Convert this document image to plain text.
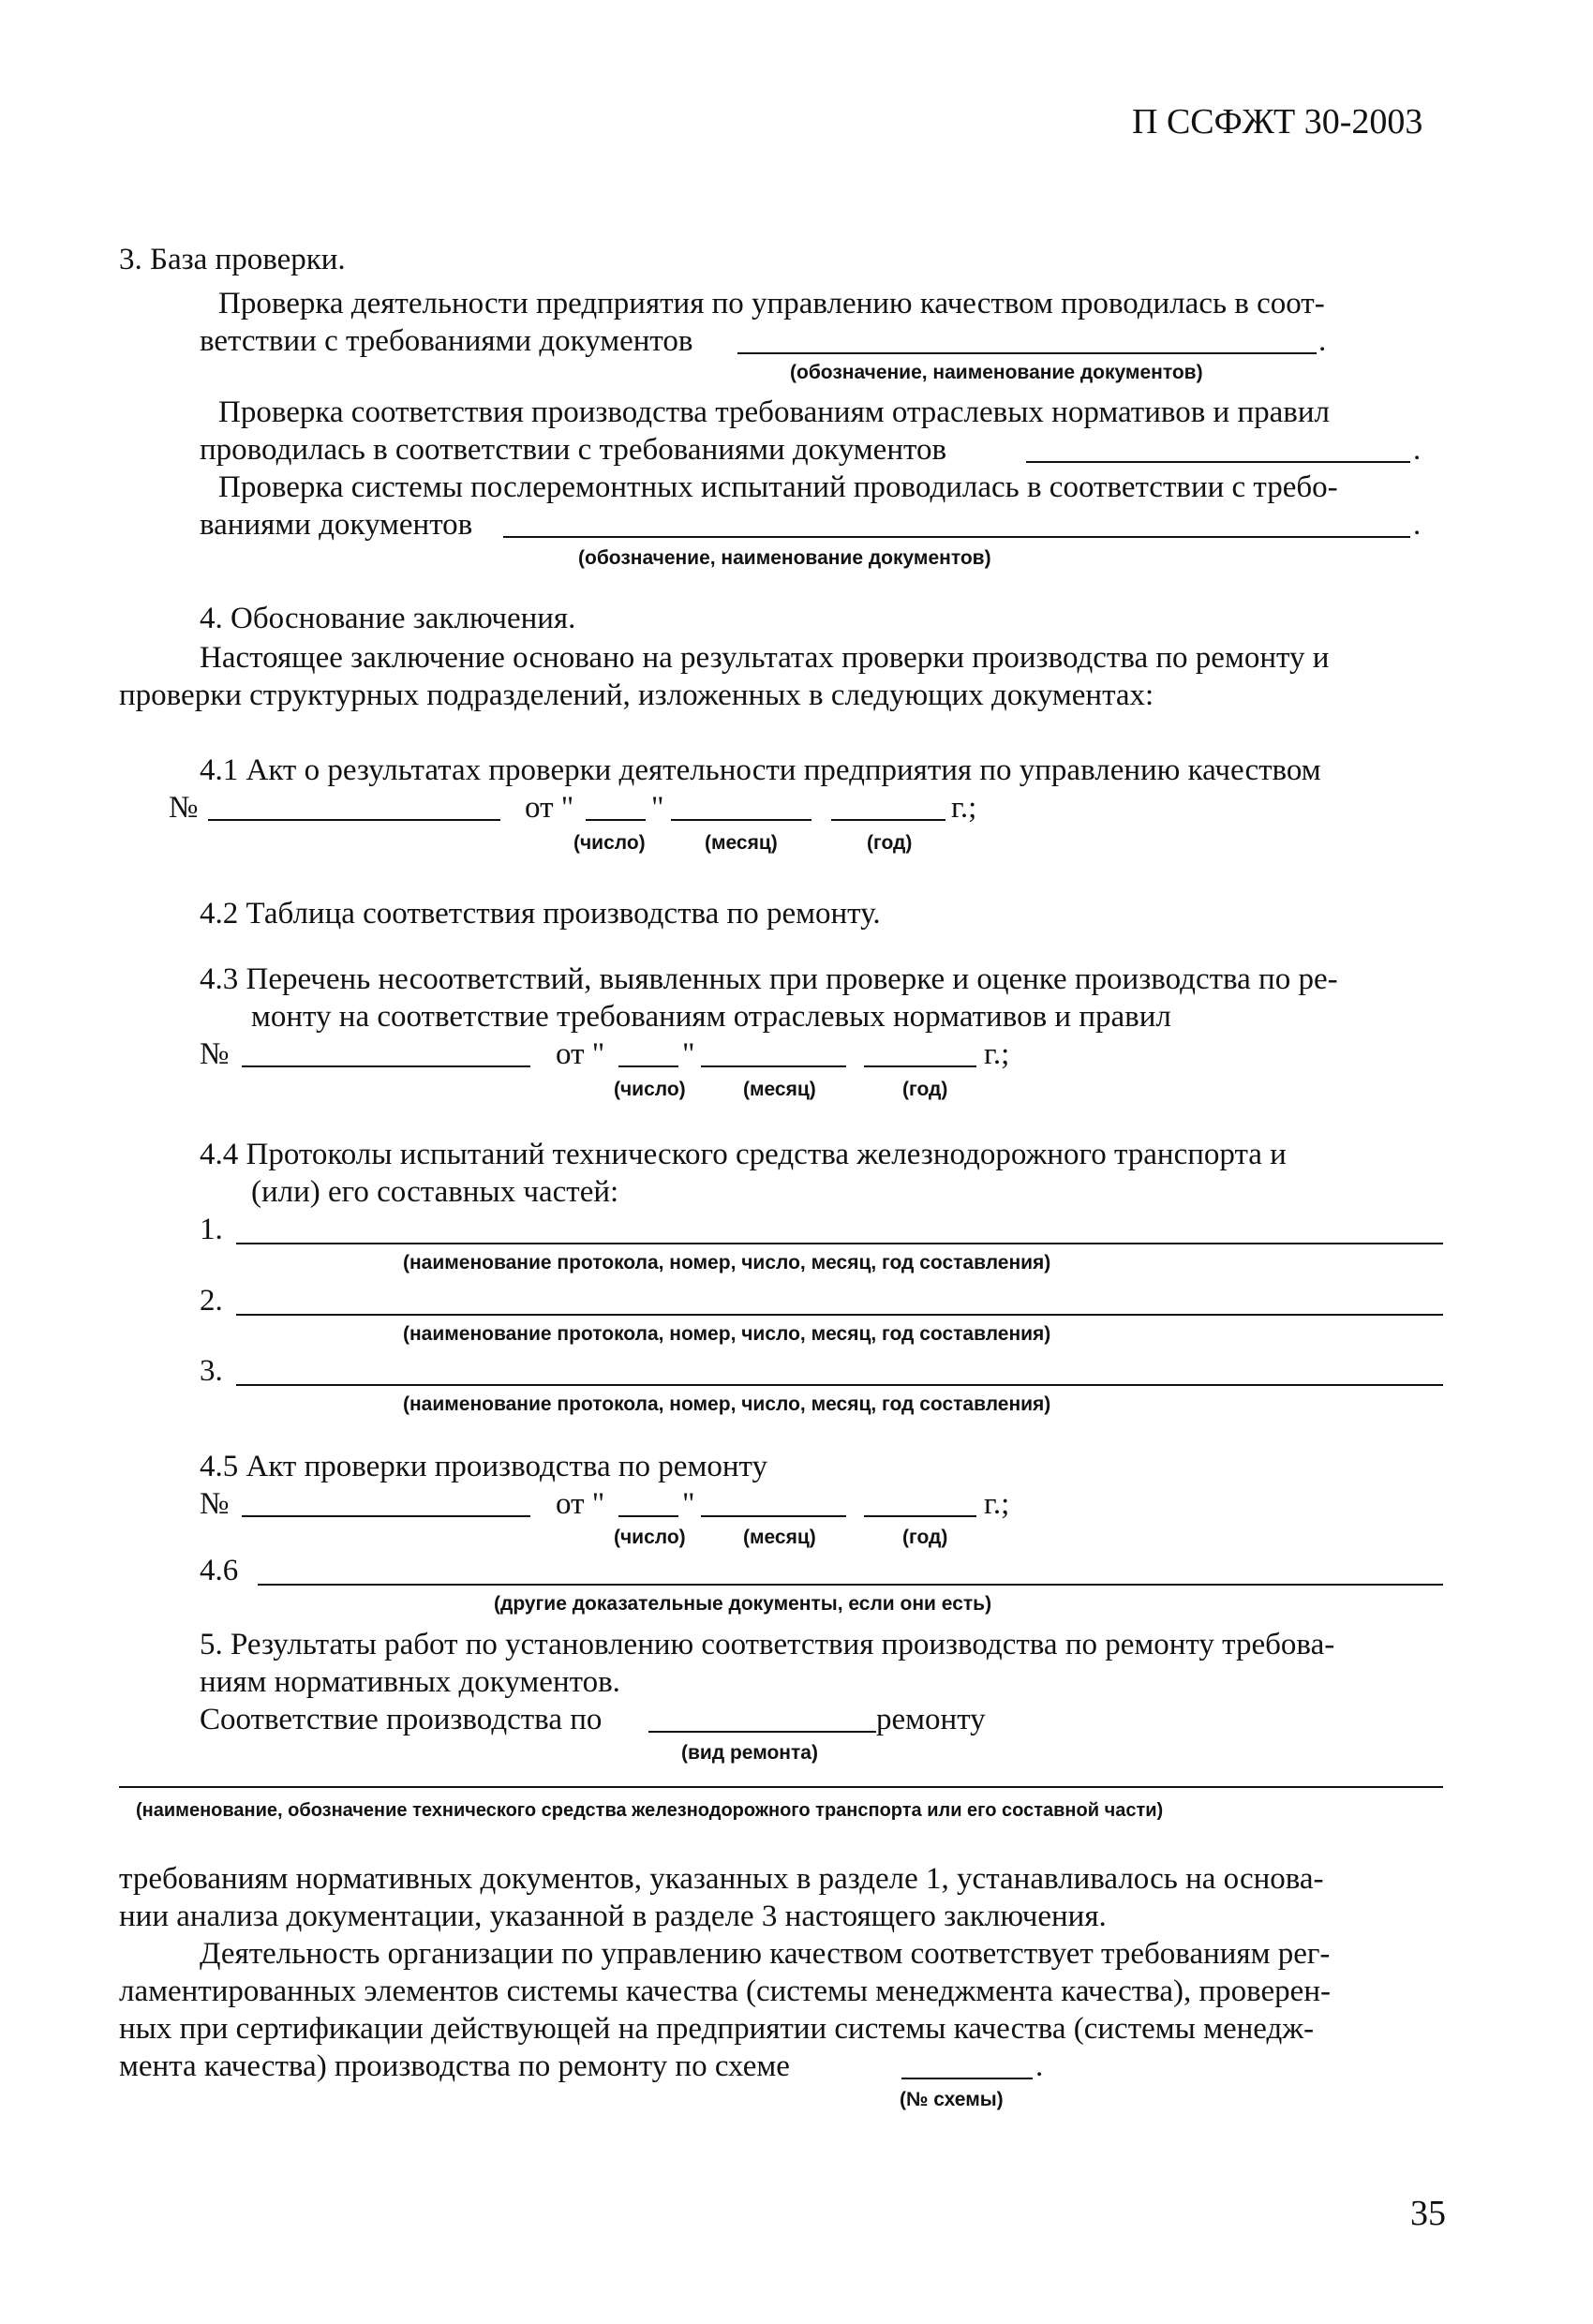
П ССФЖТ 30-2003
3. База проверки.
Проверка деятельности предприятия по управлению качеством проводилась в соот-
ветствии с требованиями документов	.
(обозначение, наименование документов)
Проверка соответствия производства требованиям отраслевых нормативов и правил
проводилась в соответствии с требованиями документов	.
Проверка системы послеремонтных испытаний проводилась в соответствии с требо-
ваниями документов	.
(обозначение, наименование документов)
4. Обоснование заключения.
Настоящее заключение основано на результатах проверки производства по ремонту и
проверки структурных подразделений, изложенных в следующих документах:
4.1 Акт о результатах проверки деятельности предприятия по управлению качеством
№	от "	"	г.;
(число)	(месяц)	(год)
4.2 Таблица соответствия производства по ремонту.
4.3 Перечень несоответствий, выявленных при проверке и оценке производства по ре-
монту на соответствие требованиям отраслевых нормативов и правил
№	от "	"	г.;
(число)	(месяц)	(год)
4.4 Протоколы испытаний технического средства железнодорожного транспорта и
(или) его составных частей:
1.
(наименование протокола, номер, число, месяц, год составления)
2.
(наименование протокола, номер, число, месяц, год составления)
3.
(наименование протокола, номер, число, месяц, год составления)
4.5 Акт проверки производства по ремонту
№	от "	"	г.;
(число)	(месяц)	(год)
4.6
(другие доказательные документы, если они есть)
5. Результаты работ по установлению соответствия производства по ремонту требова-
ниям нормативных документов.
Соответствие производства по	ремонту
(вид ремонта)
(наименование, обозначение технического средства железнодорожного транспорта или его составной части)
требованиям нормативных документов, указанных в разделе 1, устанавливалось на основа-
нии анализа документации, указанной в разделе 3 настоящего заключения.
Деятельность организации по управлению качеством соответствует требованиям рег-
ламентированных элементов системы качества (системы менеджмента качества), проверен-
ных при сертификации действующей на предприятии системы качества (системы менедж-
мента качества) производства по ремонту по схеме	.
(№ схемы)
35
